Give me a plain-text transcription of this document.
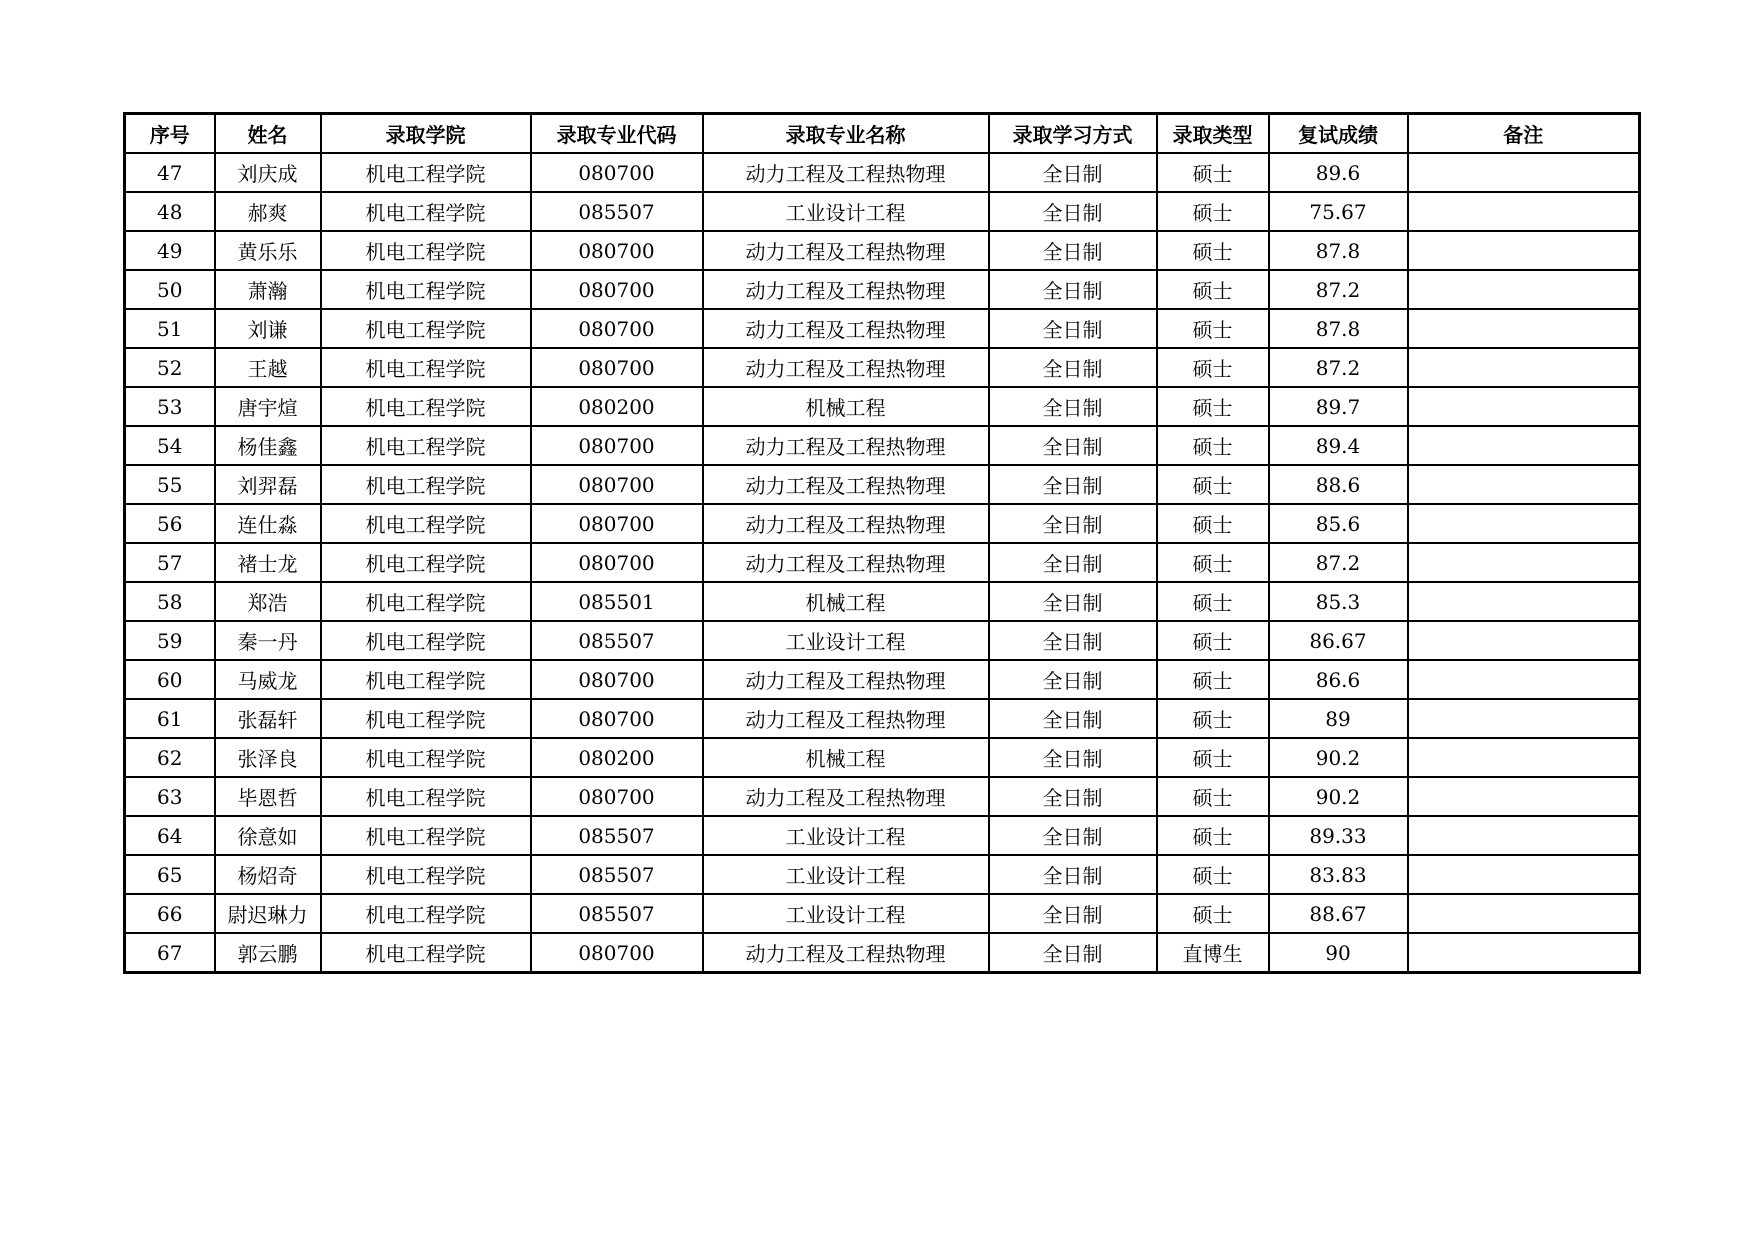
序号	姓名	录取学院	录取专业代码	录取专业名称	录取学习方式	录取类型	复试成绩	备注
47	刘庆成	机电工程学院	080700	动力工程及工程热物理	全日制	硕士	89.6	
48	郝爽	机电工程学院	085507	工业设计工程	全日制	硕士	75.67	
49	黄乐乐	机电工程学院	080700	动力工程及工程热物理	全日制	硕士	87.8	
50	萧瀚	机电工程学院	080700	动力工程及工程热物理	全日制	硕士	87.2	
51	刘谦	机电工程学院	080700	动力工程及工程热物理	全日制	硕士	87.8	
52	王越	机电工程学院	080700	动力工程及工程热物理	全日制	硕士	87.2	
53	唐宇煊	机电工程学院	080200	机械工程	全日制	硕士	89.7	
54	杨佳鑫	机电工程学院	080700	动力工程及工程热物理	全日制	硕士	89.4	
55	刘羿磊	机电工程学院	080700	动力工程及工程热物理	全日制	硕士	88.6	
56	连仕淼	机电工程学院	080700	动力工程及工程热物理	全日制	硕士	85.6	
57	褚士龙	机电工程学院	080700	动力工程及工程热物理	全日制	硕士	87.2	
58	郑浩	机电工程学院	085501	机械工程	全日制	硕士	85.3	
59	秦一丹	机电工程学院	085507	工业设计工程	全日制	硕士	86.67	
60	马威龙	机电工程学院	080700	动力工程及工程热物理	全日制	硕士	86.6	
61	张磊轩	机电工程学院	080700	动力工程及工程热物理	全日制	硕士	89	
62	张泽良	机电工程学院	080200	机械工程	全日制	硕士	90.2	
63	毕恩哲	机电工程学院	080700	动力工程及工程热物理	全日制	硕士	90.2	
64	徐意如	机电工程学院	085507	工业设计工程	全日制	硕士	89.33	
65	杨炤奇	机电工程学院	085507	工业设计工程	全日制	硕士	83.83	
66	尉迟琳力	机电工程学院	085507	工业设计工程	全日制	硕士	88.67	
67	郭云鹏	机电工程学院	080700	动力工程及工程热物理	全日制	直博生	90	
